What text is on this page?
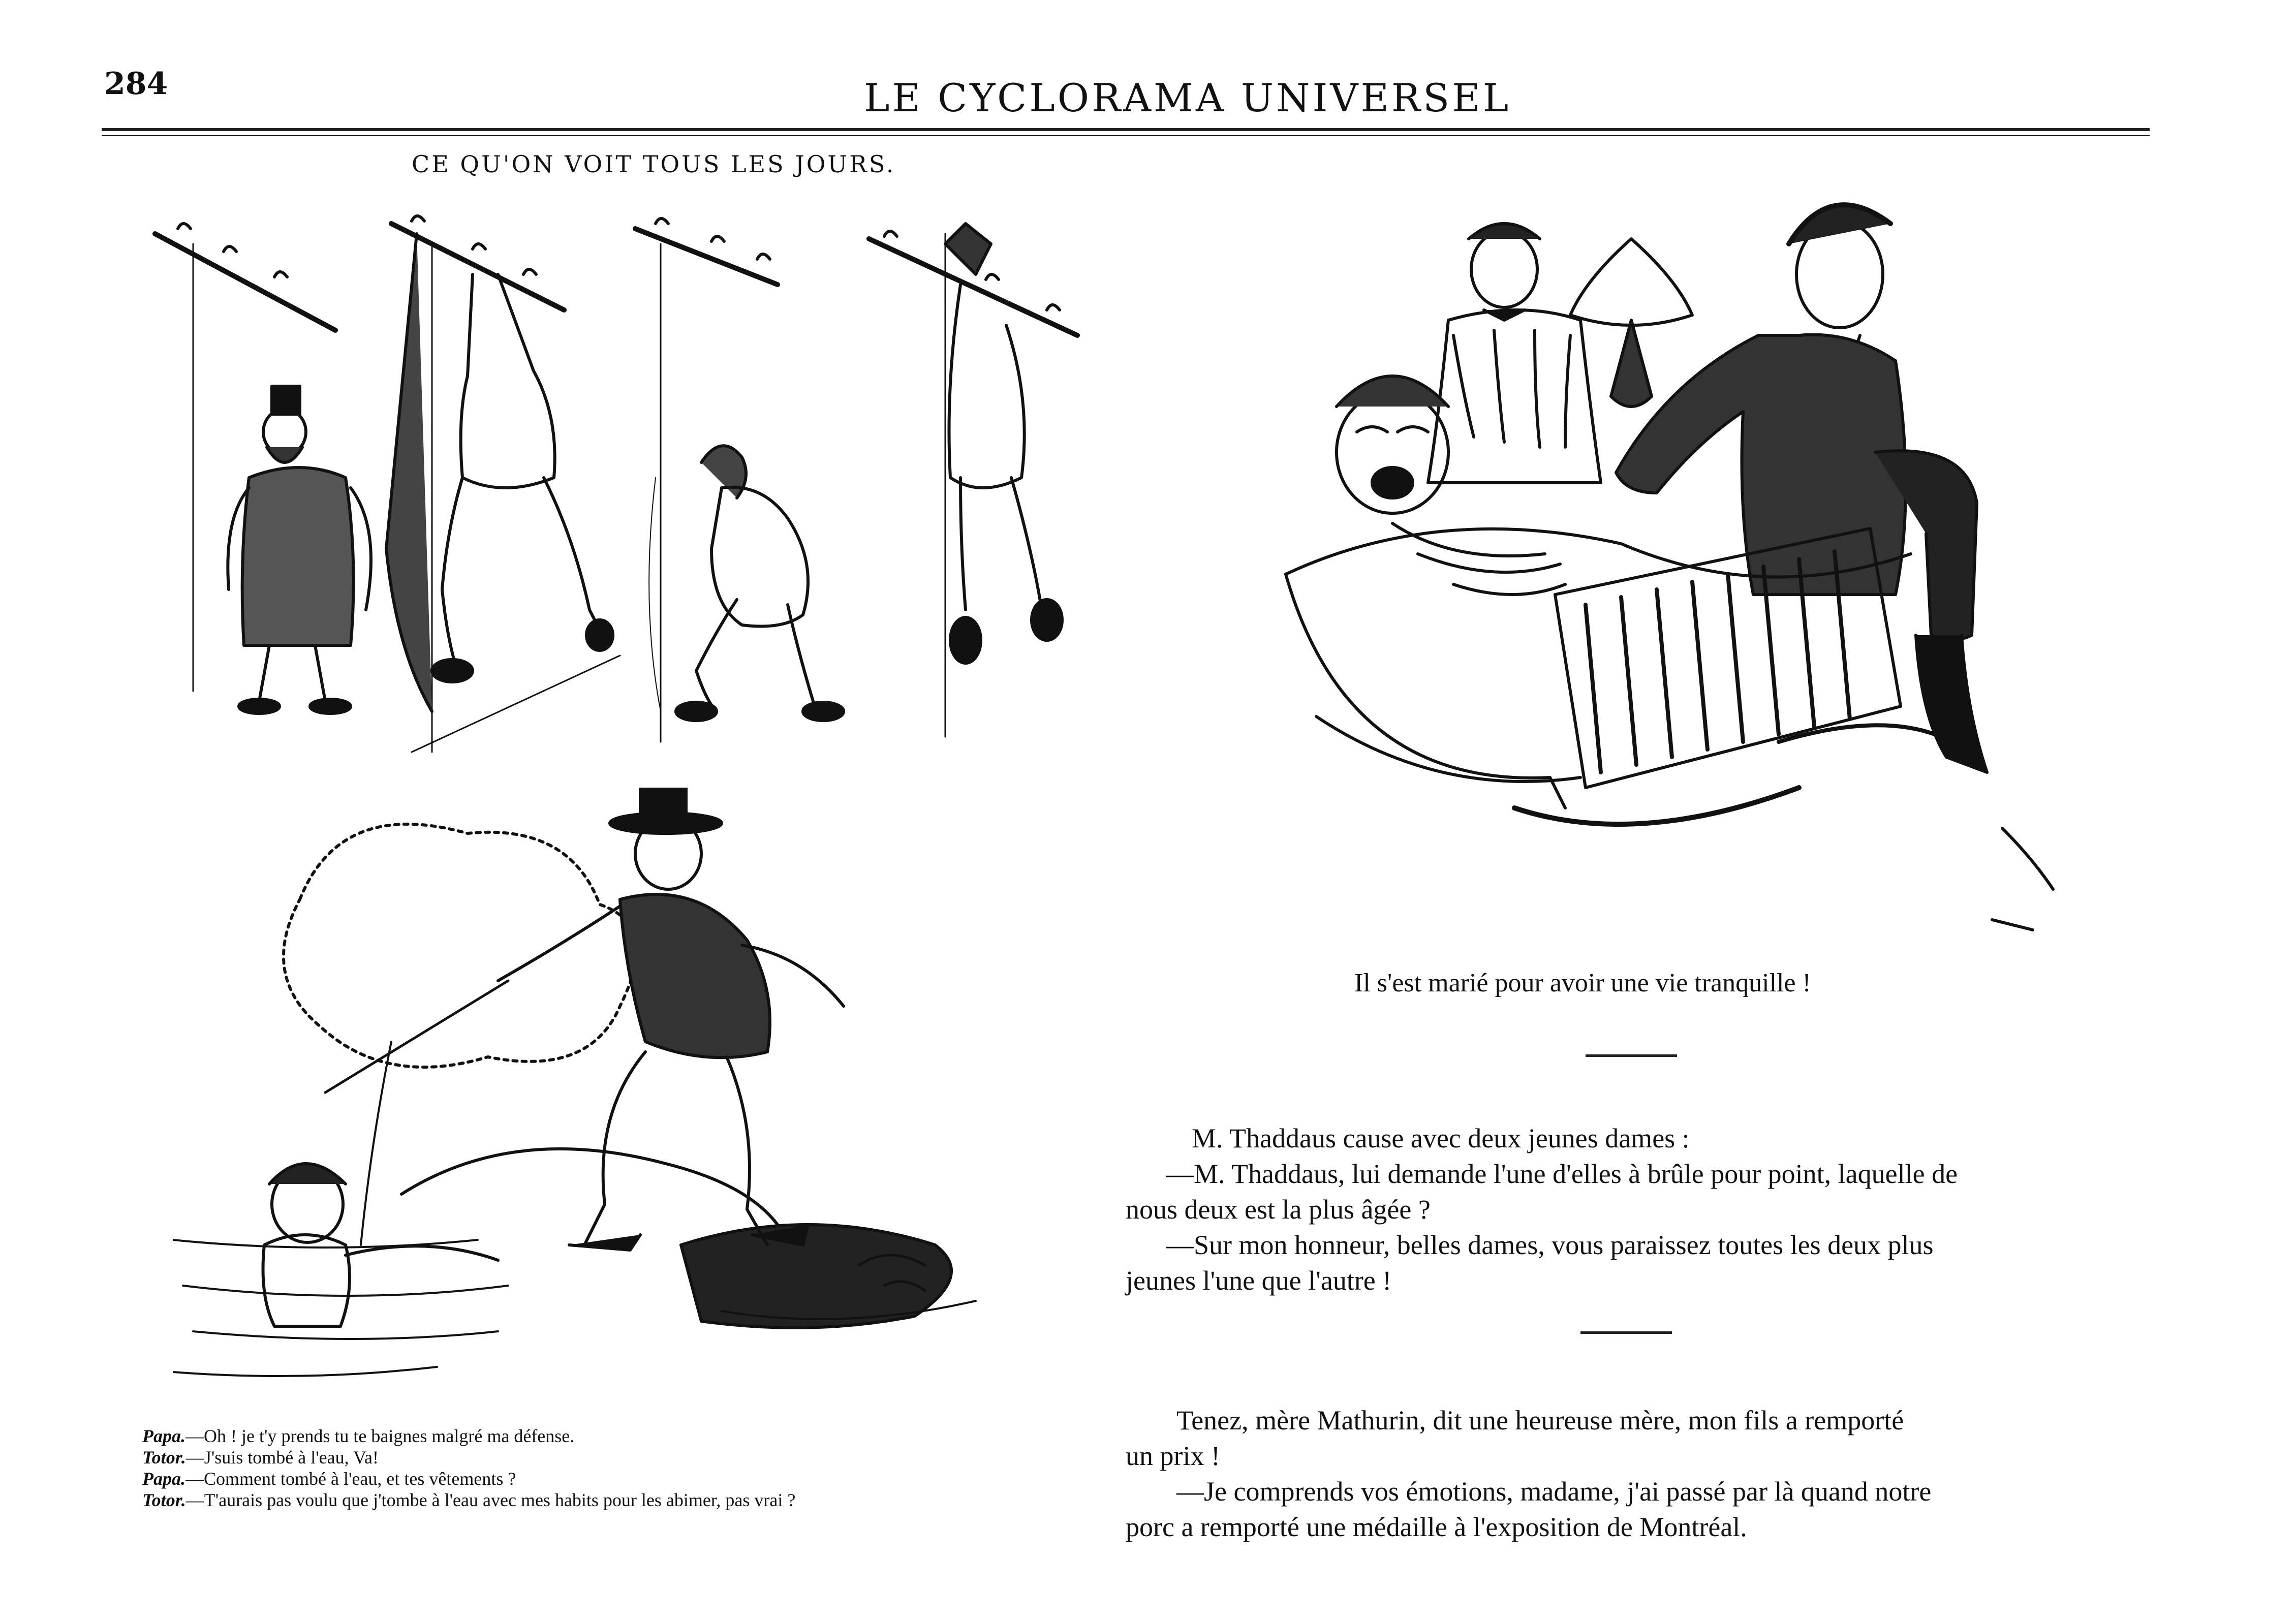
284	LE CYCLORAMA UNIVERSEL
CE QU'ON VOIT TOUS LES JOURS.
Il s'est marié pour avoir une vie tranquille !
M. Thaddaus cause avec deux jeunes dames :
—M. Thaddaus, lui demande l'une d'elles à brûle pour point, laquelle de
nous deux est la plus âgée ?
—Sur mon honneur, belles dames, vous paraissez toutes les deux plus
jeunes l'une que l'autre !
Tenez, mère Mathurin, dit une heureuse mère, mon fils a remporté
un prix !
—Je comprends vos émotions, madame, j'ai passé par là quand notre
porc a remporté une médaille à l'exposition de Montréal.
Papa.—Oh ! je t'y prends tu te baignes malgré ma défense.
Totor.—J'suis tombé à l'eau, Va!
Papa.—Comment tombé à l'eau, et tes vêtements ?
Totor.—T'aurais pas voulu que j'tombe à l'eau avec mes habits pour les abimer, pas vrai ?
